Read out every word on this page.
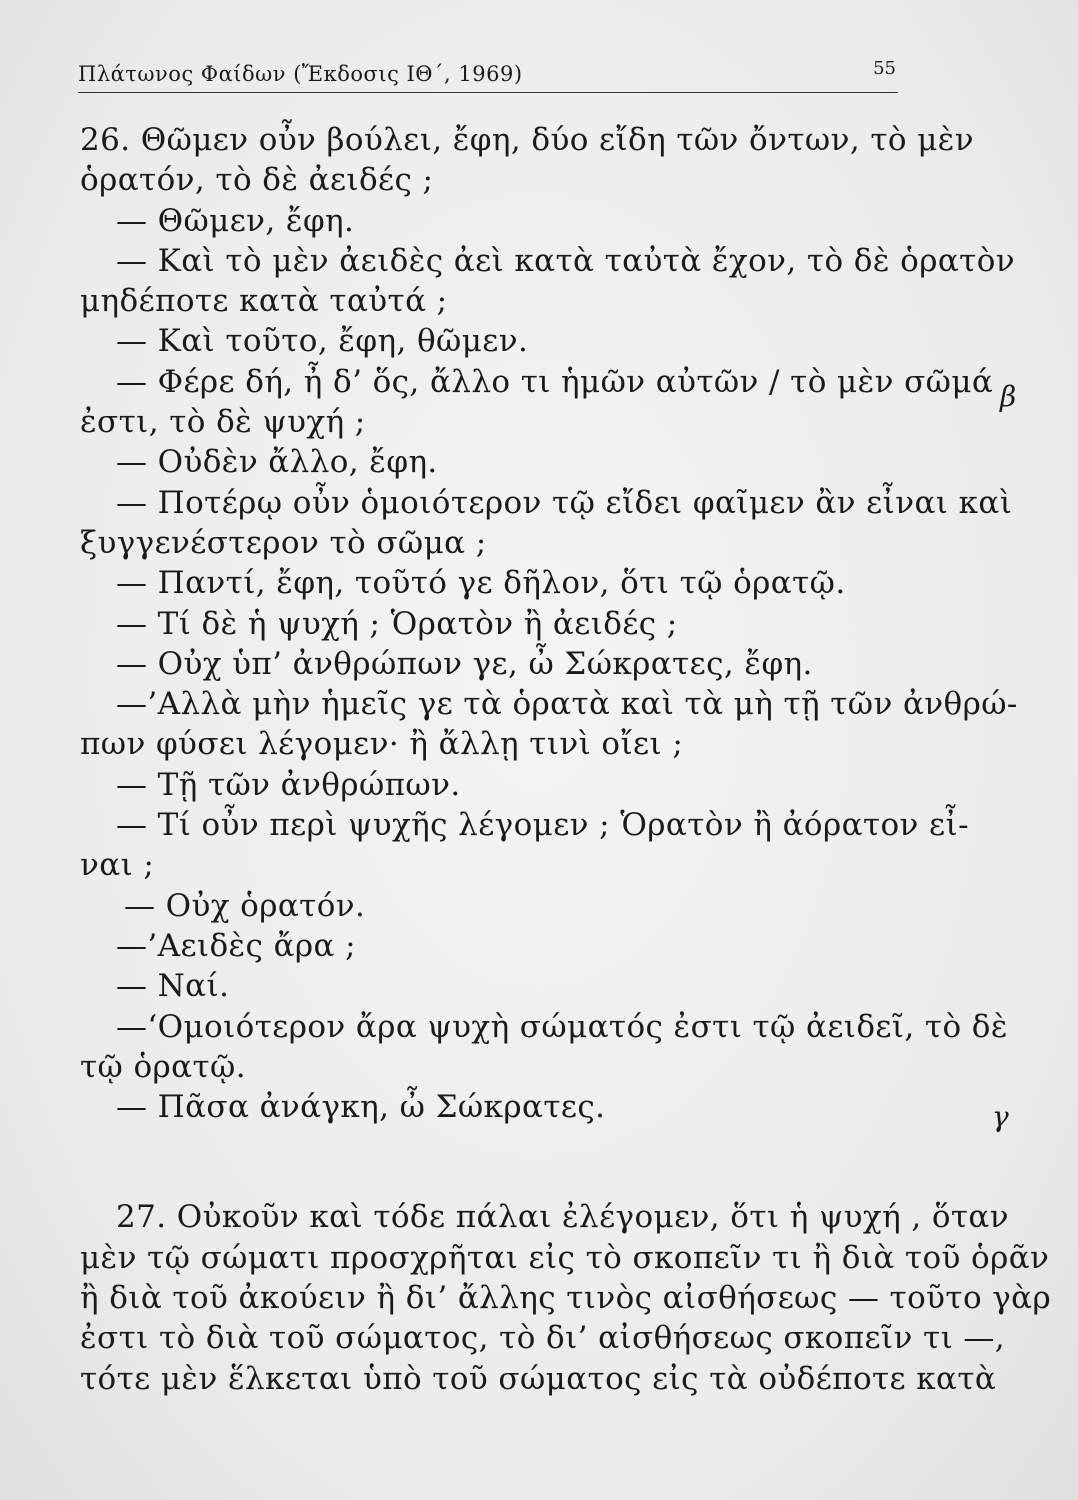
Πλάτωνος Φαίδων (Ἔκδοσις ΙΘ΄, 1969)	55
26. Θῶμεν οὖν βούλει, ἔφη, δύο εἴδη τῶν ὄντων, τὸ μὲν
ὁρατόν, τὸ δὲ ἀειδές ;
— Θῶμεν, ἔφη.
— Καὶ τὸ μὲν ἀειδὲς ἀεὶ κατὰ ταὐτὰ ἔχον, τὸ δὲ ὁρατὸν
μηδέποτε κατὰ ταὐτά ;
— Καὶ τοῦτο, ἔφη, θῶμεν.
— Φέρε δή, ἦ δ’ ὅς, ἄλλο τι ἡμῶν αὐτῶν / τὸ μὲν σῶμά
ἐστι, τὸ δὲ ψυχή ;
— Οὐδὲν ἄλλο, ἔφη.
— Ποτέρῳ οὖν ὁμοιότερον τῷ εἴδει φαῖμεν ἂν εἶναι καὶ
ξυγγενέστερον τὸ σῶμα ;
— Παντί, ἔφη, τοῦτό γε δῆλον, ὅτι τῷ ὁρατῷ.
— Τί δὲ ἡ ψυχή ; Ὁρατὸν ἢ ἀειδές ;
— Οὐχ ὑπ’ ἀνθρώπων γε, ὦ Σώκρατες, ἔφη.
—’Αλλὰ μὴν ἡμεῖς γε τὰ ὁρατὰ καὶ τὰ μὴ τῇ τῶν ἀνθρώ-
πων φύσει λέγομεν· ἢ ἄλλῃ τινὶ οἴει ;
— Τῇ τῶν ἀνθρώπων.
— Τί οὖν περὶ ψυχῆς λέγομεν ; Ὁρατὸν ἢ ἀόρατον εἶ-
ναι ;
— Οὐχ ὁρατόν.
—’Αειδὲς ἄρα ;
— Ναί.
—‘Ομοιότερον ἄρα ψυχὴ σώματός ἐστι τῷ ἀειδεῖ, τὸ δὲ
τῷ ὁρατῷ.
— Πᾶσα ἀνάγκη, ὦ Σώκρατες.
27. Οὐκοῦν καὶ τόδε πάλαι ἐλέγομεν, ὅτι ἡ ψυχή , ὅταν
μὲν τῷ σώματι προσχρῆται εἰς τὸ σκοπεῖν τι ἢ διὰ τοῦ ὁρᾶν
ἢ διὰ τοῦ ἀκούειν ἢ δι’ ἄλλης τινὸς αἰσθήσεως — τοῦτο γὰρ
ἐστι τὸ διὰ τοῦ σώματος, τὸ δι’ αἰσθήσεως σκοπεῖν τι —,
τότε μὲν ἕλκεται ὑπὸ τοῦ σώματος εἰς τὰ οὐδέποτε κατὰ
β
γ
